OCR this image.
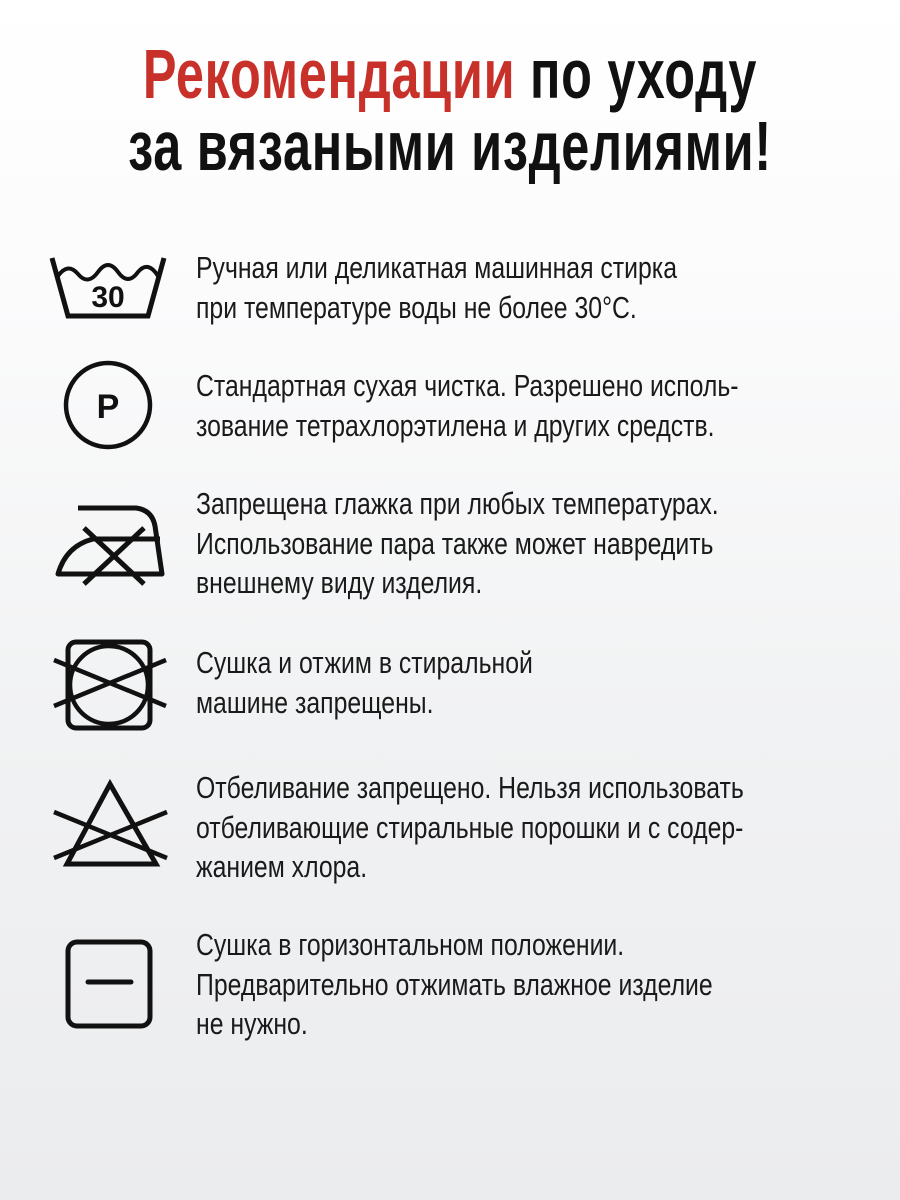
Рекомендации по уходу
за вязаными изделиями!
30
Ручная или деликатная машинная стирка
при температуре воды не более 30°С.
P
Стандартная сухая чистка. Разрешено исполь-
зование тетрахлорэтилена и других средств.
Запрещена глажка при любых температурах.
Использование пара также может навредить
внешнему виду изделия.
Сушка и отжим в стиральной
машине запрещены.
Отбеливание запрещено. Нельзя использовать
отбеливающие стиральные порошки и с содер-
жанием хлора.
Сушка в горизонтальном положении.
Предварительно отжимать влажное изделие
не нужно.
